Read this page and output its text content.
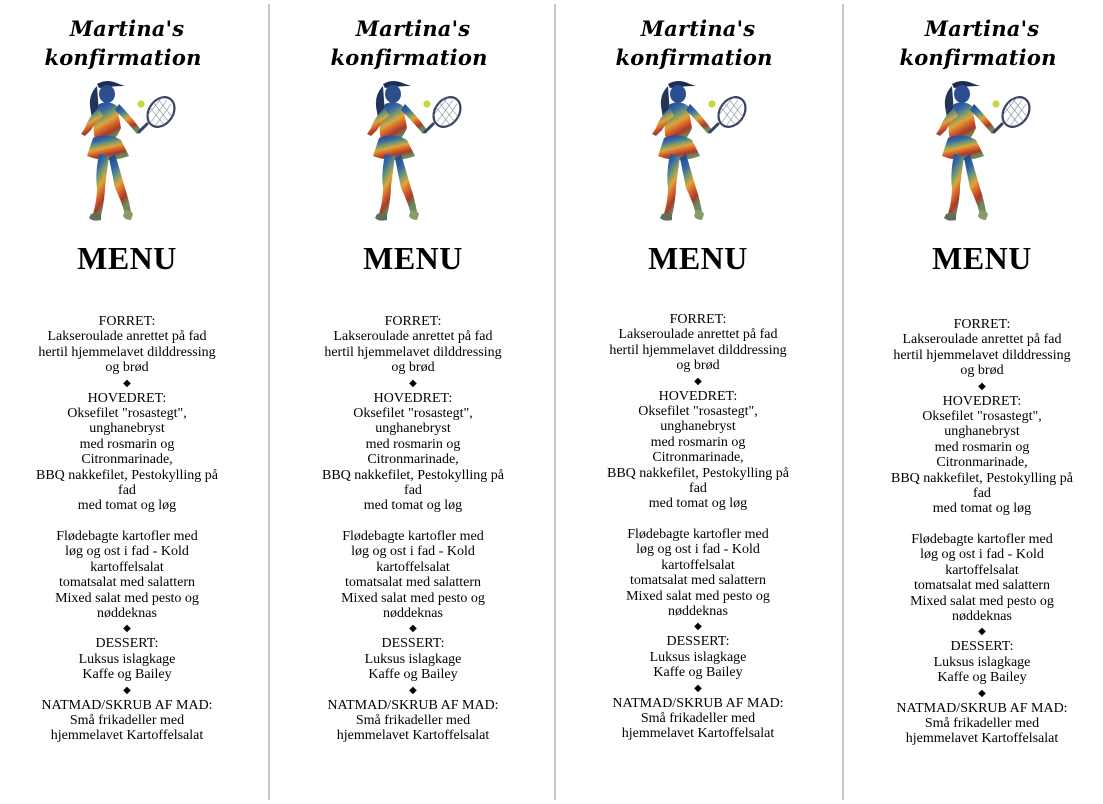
Martina's
konfirmation
MENU
FORRET:
Lakseroulade anrettet på fad
hertil hjemmelavet dilddressing
og brød
◆
HOVEDRET:
Oksefilet "rosastegt",
unghanebryst
med rosmarin og
Citronmarinade,
BBQ nakkefilet, Pestokylling på
fad
med tomat og løg
Flødebagte kartofler med
løg og ost i fad - Kold
kartoffelsalat
tomatsalat med salattern
Mixed salat med pesto og
nøddeknas
◆
DESSERT:
Luksus islagkage
Kaffe og Bailey
◆
NATMAD/SKRUB AF MAD:
Små frikadeller med
hjemmelavet Kartoffelsalat
Martina's
konfirmation
MENU
FORRET:
Lakseroulade anrettet på fad
hertil hjemmelavet dilddressing
og brød
◆
HOVEDRET:
Oksefilet "rosastegt",
unghanebryst
med rosmarin og
Citronmarinade,
BBQ nakkefilet, Pestokylling på
fad
med tomat og løg
Flødebagte kartofler med
løg og ost i fad - Kold
kartoffelsalat
tomatsalat med salattern
Mixed salat med pesto og
nøddeknas
◆
DESSERT:
Luksus islagkage
Kaffe og Bailey
◆
NATMAD/SKRUB AF MAD:
Små frikadeller med
hjemmelavet Kartoffelsalat
Martina's
konfirmation
MENU
FORRET:
Lakseroulade anrettet på fad
hertil hjemmelavet dilddressing
og brød
◆
HOVEDRET:
Oksefilet "rosastegt",
unghanebryst
med rosmarin og
Citronmarinade,
BBQ nakkefilet, Pestokylling på
fad
med tomat og løg
Flødebagte kartofler med
løg og ost i fad - Kold
kartoffelsalat
tomatsalat med salattern
Mixed salat med pesto og
nøddeknas
◆
DESSERT:
Luksus islagkage
Kaffe og Bailey
◆
NATMAD/SKRUB AF MAD:
Små frikadeller med
hjemmelavet Kartoffelsalat
Martina's
konfirmation
MENU
FORRET:
Lakseroulade anrettet på fad
hertil hjemmelavet dilddressing
og brød
◆
HOVEDRET:
Oksefilet "rosastegt",
unghanebryst
med rosmarin og
Citronmarinade,
BBQ nakkefilet, Pestokylling på
fad
med tomat og løg
Flødebagte kartofler med
løg og ost i fad - Kold
kartoffelsalat
tomatsalat med salattern
Mixed salat med pesto og
nøddeknas
◆
DESSERT:
Luksus islagkage
Kaffe og Bailey
◆
NATMAD/SKRUB AF MAD:
Små frikadeller med
hjemmelavet Kartoffelsalat
